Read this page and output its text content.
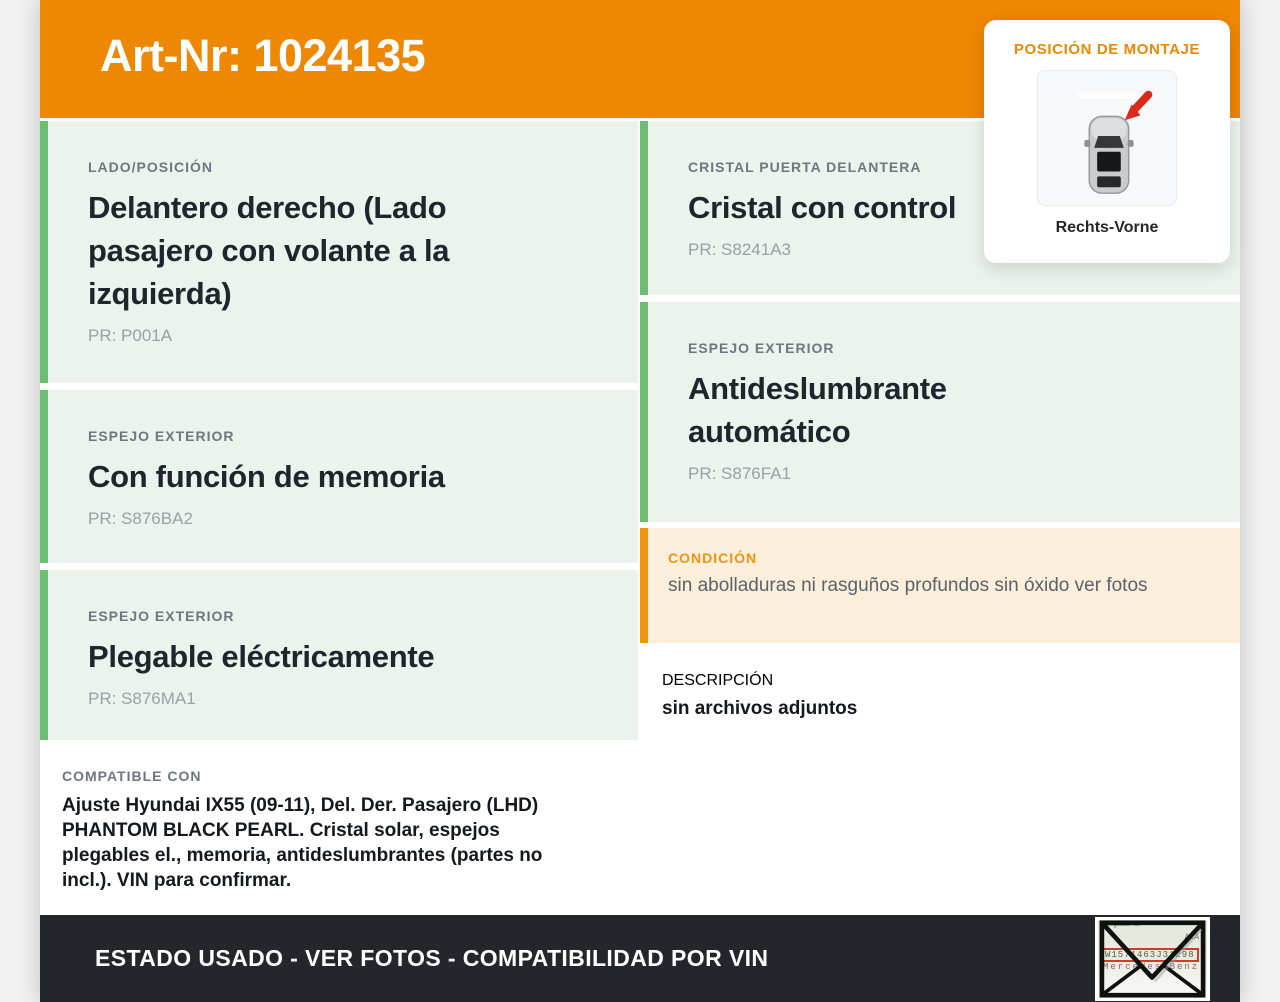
Art-Nr: 1024135
LADO/POSICIÓN
Delantero derecho (Lado pasajero con volante a la izquierda)
PR: P001A
ESPEJO EXTERIOR
Con función de memoria
PR: S876BA2
ESPEJO EXTERIOR
Plegable eléctricamente
PR: S876MA1
COMPATIBLE CON
Ajuste Hyundai IX55 (09-11), Del. Der. Pasajero (LHD) PHANTOM BLACK PEARL. Cristal solar, espejos plegables el., memoria, antideslumbrantes (partes no incl.). VIN para confirmar.
CRISTAL PUERTA DELANTERA
Cristal con control
PR: S8241A3
ESPEJO EXTERIOR
Antideslumbrante automático
PR: S876FA1
CONDICIÓN
sin abolladuras ni rasguños profundos sin óxido ver fotos
DESCRIPCIÓN
sin archivos adjuntos
ESTADO USADO - VER FOTOS - COMPATIBILIDAD POR VIN
POSICIÓN DE MONTAJE
Rechts-Vorne
Fahrgestell-Nr.
AiA
W1571463J31298 7
Mercedes-Benz
